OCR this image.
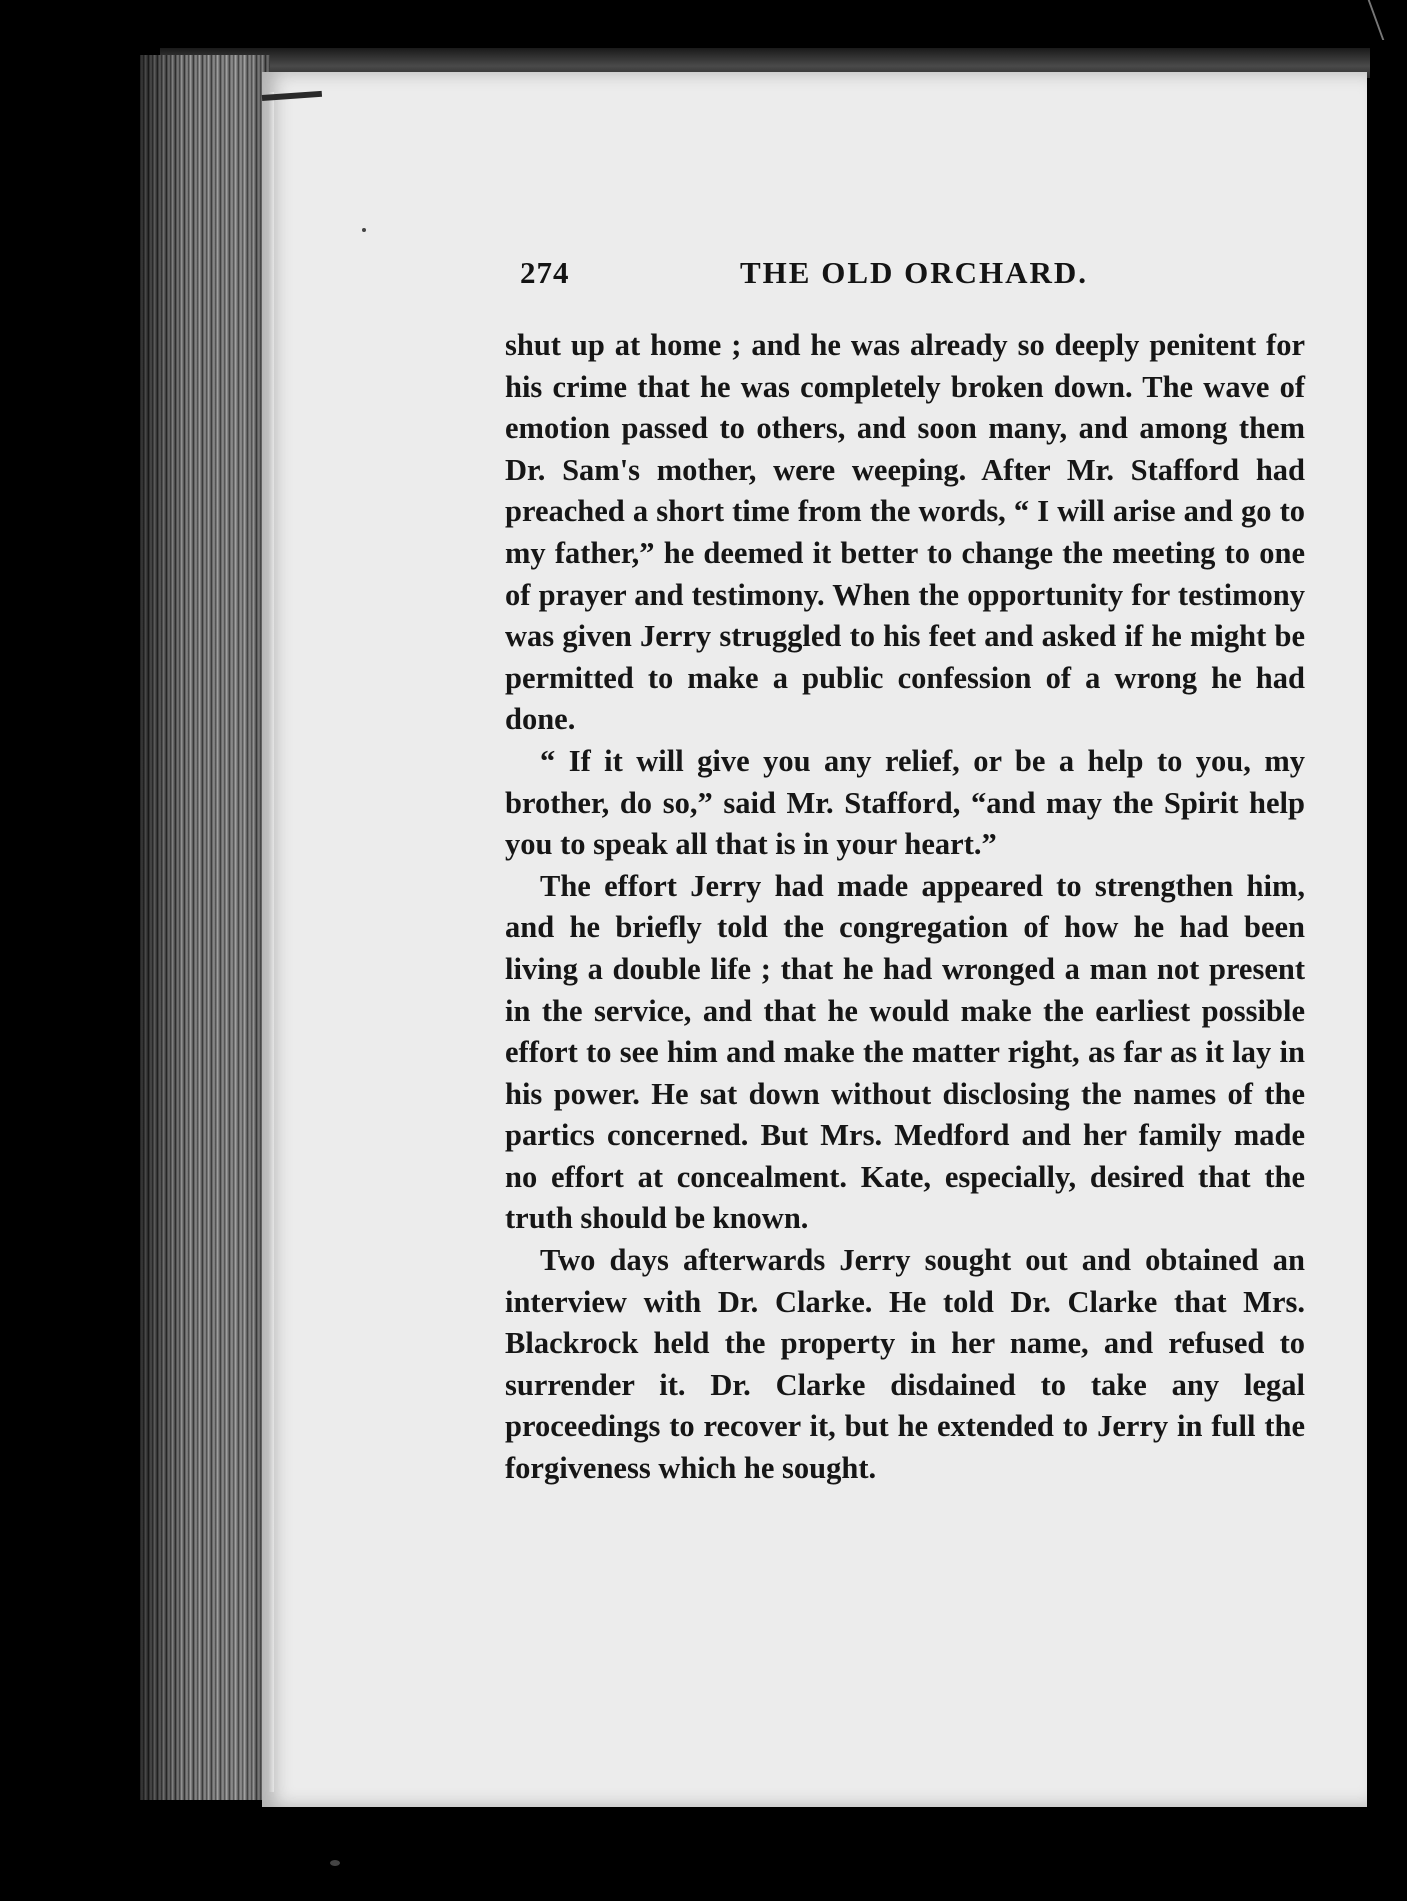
274	THE OLD ORCHARD.

shut up at home ; and he was already so deeply penitent for his crime that he was completely broken down. The wave of emotion passed to others, and soon many, and among them Dr. Sam's mother, were weeping. After Mr. Stafford had preached a short time from the words, “ I will arise and go to my father,” he deemed it better to change the meeting to one of prayer and testimony. When the opportunity for testimony was given Jerry struggled to his feet and asked if he might be permitted to make a public confession of a wrong he had done.

“ If it will give you any relief, or be a help to you, my brother, do so,” said Mr. Stafford, “and may the Spirit help you to speak all that is in your heart.”

The effort Jerry had made appeared to strengthen him, and he briefly told the congregation of how he had been living a double life ; that he had wronged a man not present in the service, and that he would make the earliest possible effort to see him and make the matter right, as far as it lay in his power. He sat down without disclosing the names of the partics concerned. But Mrs. Medford and her family made no effort at concealment. Kate, especially, desired that the truth should be known.

Two days afterwards Jerry sought out and obtained an interview with Dr. Clarke. He told Dr. Clarke that Mrs. Blackrock held the property in her name, and refused to surrender it. Dr. Clarke disdained to take any legal proceedings to recover it, but he extended to Jerry in full the forgiveness which he sought.
